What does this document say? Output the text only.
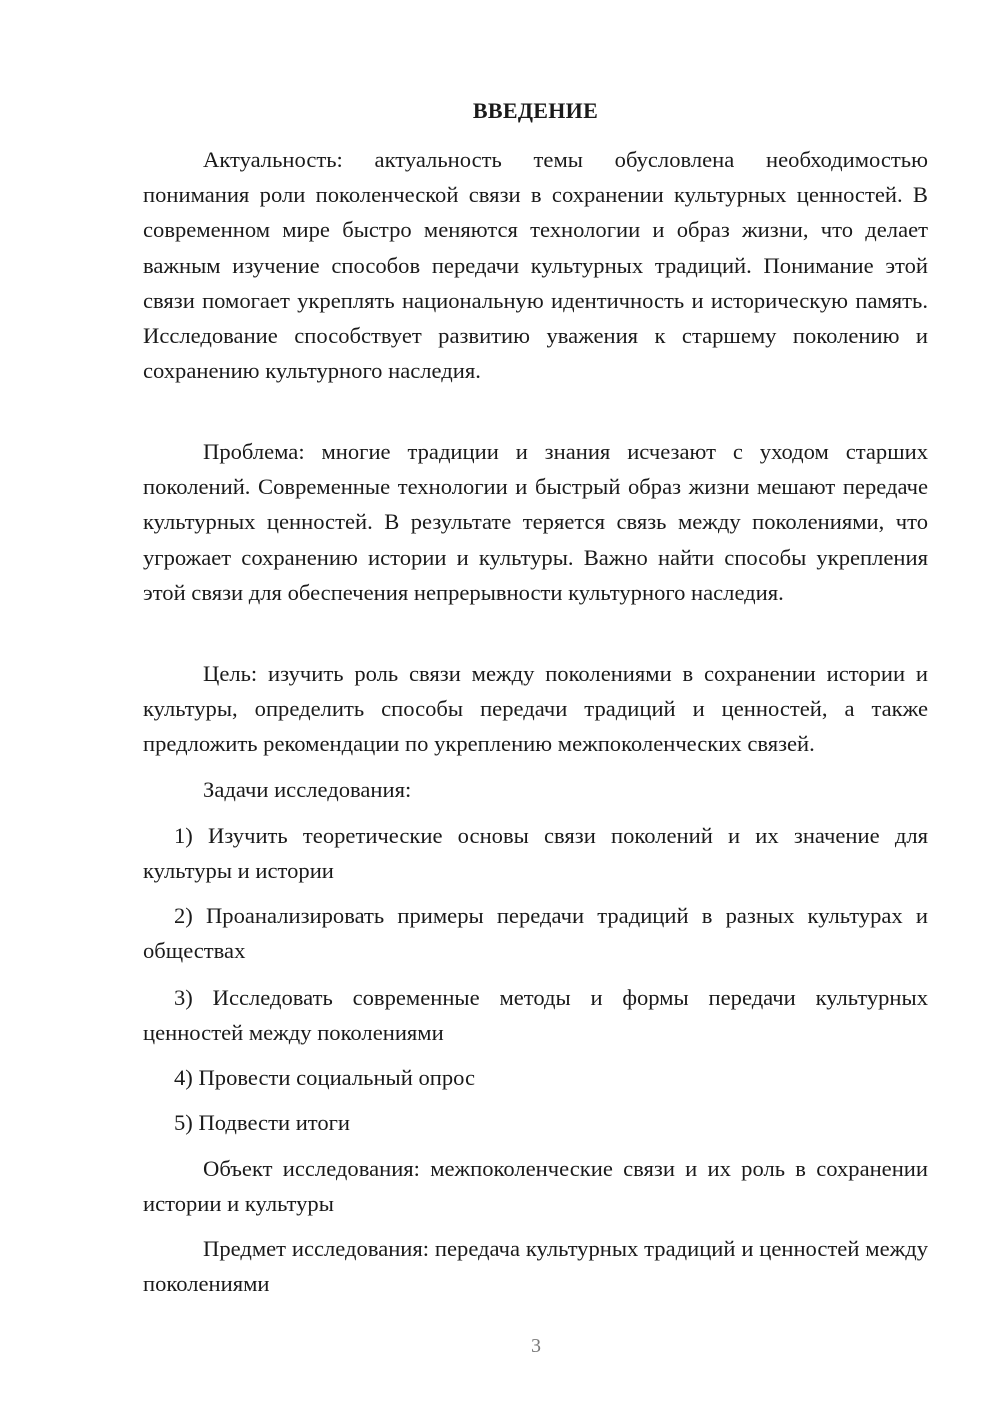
ВВЕДЕНИЕ

Актуальность: актуальность темы обусловлена необходимостью понимания роли поколенческой связи в сохранении культурных ценностей. В современном мире быстро меняются технологии и образ жизни, что делает важным изучение способов передачи культурных традиций. Понимание этой связи помогает укреплять национальную идентичность и историческую память. Исследование способствует развитию уважения к старшему поколению и сохранению культурного наследия.

Проблема: многие традиции и знания исчезают с уходом старших поколений. Современные технологии и быстрый образ жизни мешают передаче культурных ценностей. В результате теряется связь между поколениями, что угрожает сохранению истории и культуры. Важно найти способы укрепления этой связи для обеспечения непрерывности культурного наследия.

Цель: изучить роль связи между поколениями в сохранении истории и культуры, определить способы передачи традиций и ценностей, а также предложить рекомендации по укреплению межпоколенческих связей.

Задачи исследования:

1) Изучить теоретические основы связи поколений и их значение для культуры и истории

2) Проанализировать примеры передачи традиций в разных культурах и обществах

3) Исследовать современные методы и формы передачи культурных ценностей между поколениями

4) Провести социальный опрос

5) Подвести итоги

Объект исследования: межпоколенческие связи и их роль в сохранении истории и культуры

Предмет исследования: передача культурных традиций и ценностей между поколениями

3
